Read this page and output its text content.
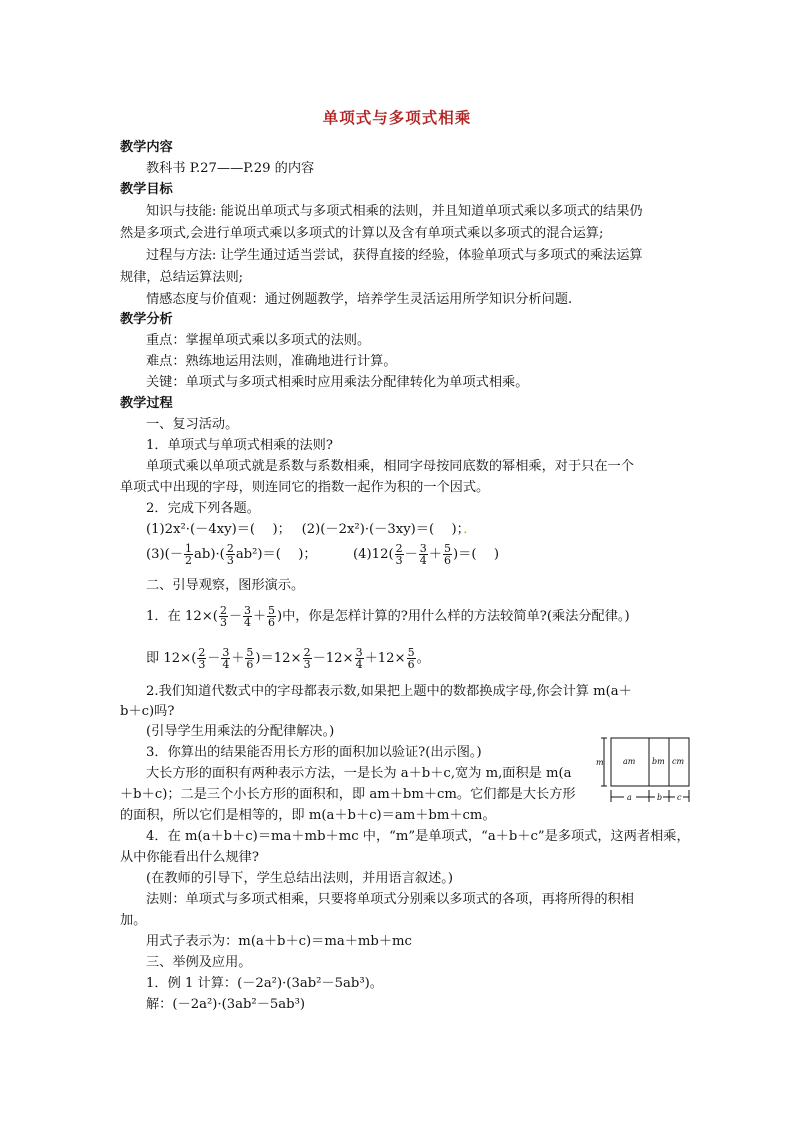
单项式与多项式相乘
教学内容
教科书 P.27——P.29 的内容
教学目标
知识与技能: 能说出单项式与多项式相乘的法则，并且知道单项式乘以多项式的结果仍
然是多项式,会进行单项式乘以多项式的计算以及含有单项式乘以多项式的混合运算;
过程与方法: 让学生通过适当尝试，获得直接的经验，体验单项式与多项式的乘法运算
规律，总结运算法则;
情感态度与价值观：通过例题教学，培养学生灵活运用所学知识分析问题.
教学分析
重点：掌握单项式乘以多项式的法则。
难点：熟练地运用法则，准确地进行计算。
关键：单项式与多项式相乘时应用乘法分配律转化为单项式相乘。
教学过程
一、复习活动。
1．单项式与单项式相乘的法则?
单项式乘以单项式就是系数与系数相乘，相同字母按同底数的幂相乘，对于只在一个
单项式中出现的字母，则连同它的指数一起作为积的一个因式。
2．完成下列各题。
(1)2x²·(－4xy)＝(　 )；　 (2)(－2x²)·(－3xy)＝(　 )；．
$(3)(- \frac{1}{2} ab)\cdot( \frac{2}{3} ab^2)=$(　 )；	$(4)12( \frac{2}{3} - \frac{3}{4} + \frac{5}{6}$ )＝(　 )
二、引导观察，图形演示。
1．在 $12\times( \frac{2}{3} - \frac{3}{4} + \frac{5}{6}$ )中，你是怎样计算的?用什么样的方法较简单?(乘法分配律。)
即 $12\times( \frac{2}{3} - \frac{3}{4} + \frac{5}{6} )=12\times \frac{2}{3} -12\times \frac{3}{4} +12\times \frac{5}{6}$ 。
2.我们知道代数式中的字母都表示数,如果把上题中的数都换成字母,你会计算 m(a＋
b＋c)吗?
(引导学生用乘法的分配律解决。)
3．你算出的结果能否用长方形的面积加以验证?(出示图。)
大长方形的面积有两种表示方法，一是长为 a＋b＋c,宽为 m,面积是 m(a
＋b＋c)；二是三个小长方形的面积和，即 am＋bm＋cm。它们都是大长方形
的面积，所以它们是相等的，即 m(a＋b＋c)＝am＋bm＋cm。
4．在 m(a＋b＋c)＝ma＋mb＋mc 中，“m”是单项式，“a＋b＋c”是多项式，这两者相乘，
从中你能看出什么规律?
(在教师的引导下，学生总结出法则，并用语言叙述。)
法则：单项式与多项式相乘，只要将单项式分别乘以多项式的各项，再将所得的积相
加。
用式子表示为：m(a＋b＋c)＝ma＋mb＋mc
三、举例及应用。
1．例 1 计算：(－2a²)·(3ab²－5ab³)。
解：(－2a²)·(3ab²－5ab³)
m am bm cm
a	b c
